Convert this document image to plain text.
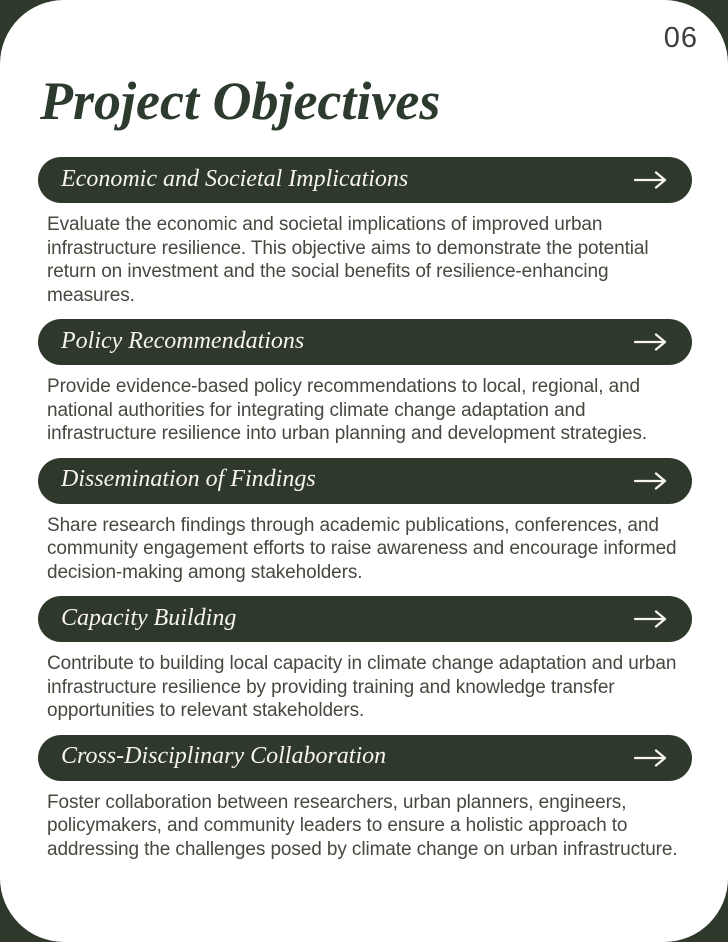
06
Project Objectives
Economic and Societal Implications

Evaluate the economic and societal implications of improved urban infrastructure resilience. This objective aims to demonstrate the potential return on investment and the social benefits of resilience-enhancing measures.

Policy Recommendations

Provide evidence-based policy recommendations to local, regional, and national authorities for integrating climate change adaptation and infrastructure resilience into urban planning and development strategies.

Dissemination of Findings

Share research findings through academic publications, conferences, and community engagement efforts to raise awareness and encourage informed decision-making among stakeholders.

Capacity Building

Contribute to building local capacity in climate change adaptation and urban infrastructure resilience by providing training and knowledge transfer opportunities to relevant stakeholders.

Cross-Disciplinary Collaboration

Foster collaboration between researchers, urban planners, engineers, policymakers, and community leaders to ensure a holistic approach to addressing the challenges posed by climate change on urban infrastructure.
